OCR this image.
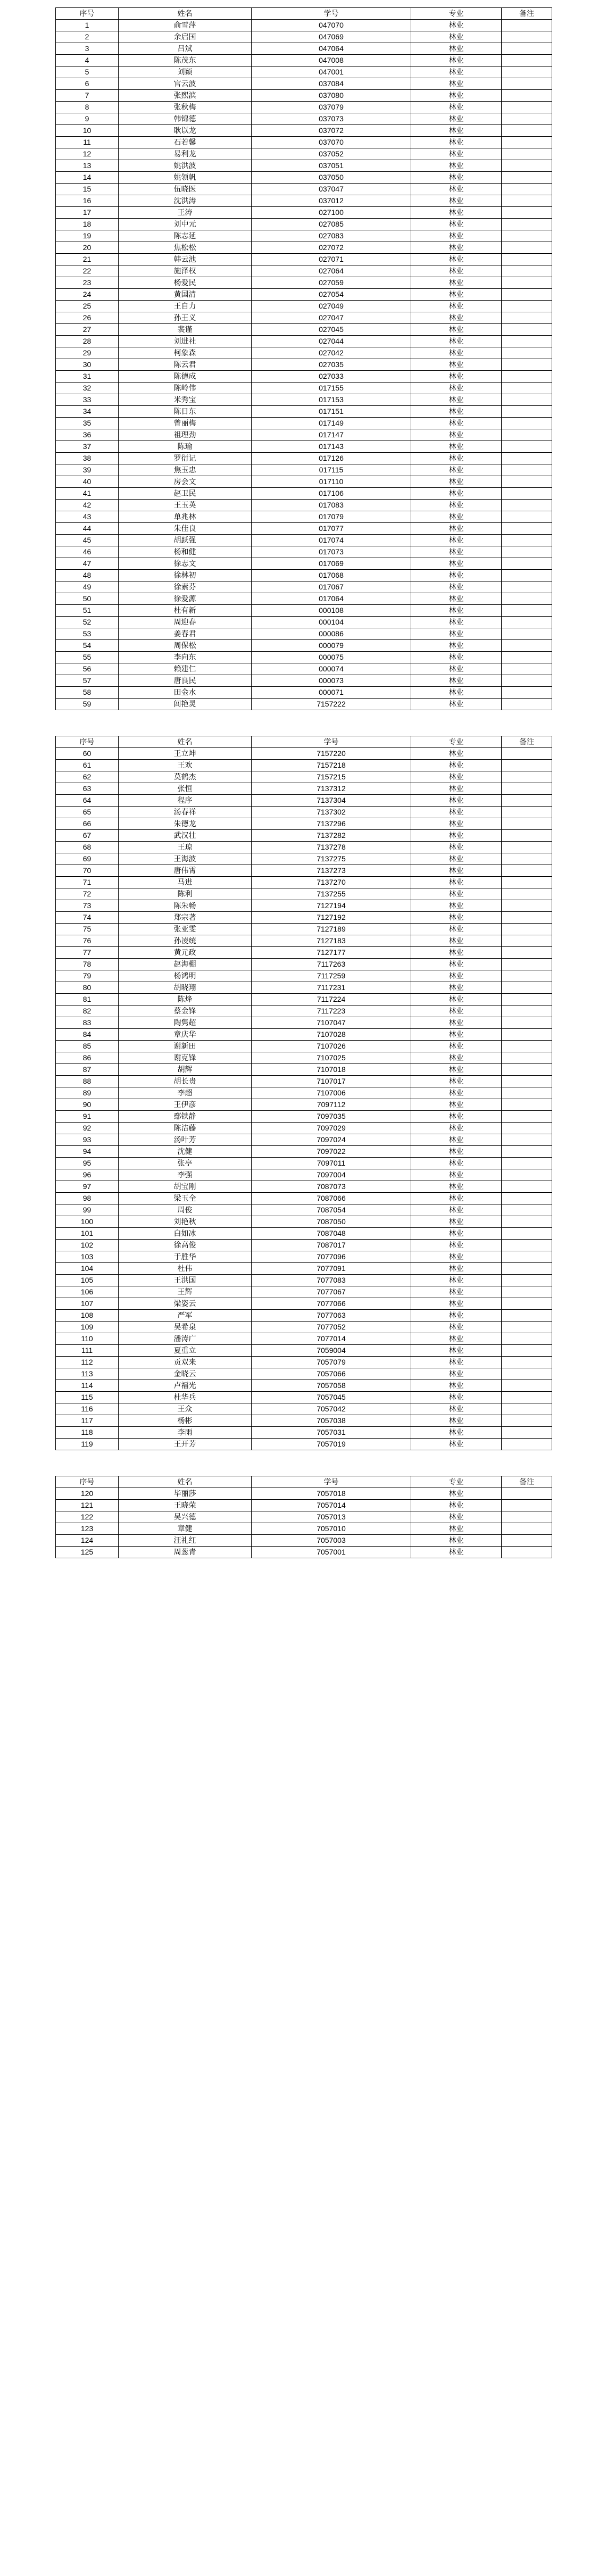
序号	姓名	学号	专业	备注
1	俞雪萍	047070	林业	
2	余启国	047069	林业	
3	吕斌	047064	林业	
4	陈茂东	047008	林业	
5	刘颖	047001	林业	
6	官云波	037084	林业	
7	张熙滨	037080	林业	
8	张秋梅	037079	林业	
9	韩锦德	037073	林业	
10	耿以龙	037072	林业	
11	石若馨	037070	林业	
12	易利龙	037052	林业	
13	姚洪波	037051	林业	
14	姚领帆	037050	林业	
15	伍晓医	037047	林业	
16	沈洪涛	037012	林业	
17	王涛	027100	林业	
18	刘中元	027085	林业	
19	陈志延	027083	林业	
20	焦松松	027072	林业	
21	韩云池	027071	林业	
22	施泽权	027064	林业	
23	杨爱民	027059	林业	
24	黄国清	027054	林业	
25	王自力	027049	林业	
26	孙王义	027047	林业	
27	裴谨	027045	林业	
28	刘进社	027044	林业	
29	柯象森	027042	林业	
30	陈云君	027035	林业	
31	陈德成	027033	林业	
32	陈岭伟	017155	林业	
33	米秀宝	017153	林业	
34	陈日东	017151	林业	
35	曾丽梅	017149	林业	
36	祖理劲	017147	林业	
37	陈瑜	017143	林业	
38	罗衍记	017126	林业	
39	焦玉忠	017115	林业	
40	房会文	017110	林业	
41	赵卫民	017106	林业	
42	王玉英	017083	林业	
43	单兆林	017079	林业	
44	朱佳良	017077	林业	
45	胡跃强	017074	林业	
46	杨和健	017073	林业	
47	徐志文	017069	林业	
48	徐林初	017068	林业	
49	徐素芬	017067	林业	
50	徐爱源	017064	林业	
51	杜有新	000108	林业	
52	周迎春	000104	林业	
53	姜春君	000086	林业	
54	周保松	000079	林业	
55	李向东	000075	林业	
56	赖建仁	000074	林业	
57	唐良民	000073	林业	
58	田金水	000071	林业	
59	闾艳灵	7157222	林业	
序号	姓名	学号	专业	备注
60	王立坤	7157220	林业	
61	王欢	7157218	林业	
62	莫鹤杰	7157215	林业	
63	张恒	7137312	林业	
64	程序	7137304	林业	
65	汤春祥	7137302	林业	
66	朱德龙	7137296	林业	
67	武汉壮	7137282	林业	
68	王琼	7137278	林业	
69	王海波	7137275	林业	
70	唐伟霄	7137273	林业	
71	马进	7137270	林业	
72	陈利	7137255	林业	
73	陈朱畅	7127194	林业	
74	郑宗著	7127192	林业	
75	张亚雯	7127189	林业	
76	孙凌统	7127183	林业	
77	黄元政	7127177	林业	
78	赵海棚	7117263	林业	
79	杨鸿明	7117259	林业	
80	胡晓翔	7117231	林业	
81	陈烽	7117224	林业	
82	蔡金锋	7117223	林业	
83	陶隽超	7107047	林业	
84	章庆华	7107028	林业	
85	谢新田	7107026	林业	
86	谢克锋	7107025	林业	
87	胡辉	7107018	林业	
88	胡长贵	7107017	林业	
89	李超	7107006	林业	
90	王伊彦	7097112	林业	
91	鄢铁静	7097035	林业	
92	陈洁藤	7097029	林业	
93	汤叶芳	7097024	林业	
94	沈健	7097022	林业	
95	张亭	7097011	林业	
96	李强	7097004	林业	
97	胡宝刚	7087073	林业	
98	梁玉全	7087066	林业	
99	周俊	7087054	林业	
100	刘艳秋	7087050	林业	
101	白如冰	7087048	林业	
102	徐高俊	7087017	林业	
103	于胜华	7077096	林业	
104	杜伟	7077091	林业	
105	王洪国	7077083	林业	
106	王辉	7077067	林业	
107	梁姿云	7077066	林业	
108	严军	7077063	林业	
109	吴希泉	7077052	林业	
110	潘涛广	7077014	林业	
111	夏重立	7059004	林业	
112	贡双来	7057079	林业	
113	金晓云	7057066	林业	
114	卢福光	7057058	林业	
115	杜华兵	7057045	林业	
116	王众	7057042	林业	
117	杨彬	7057038	林业	
118	李雨	7057031	林业	
119	王开芳	7057019	林业	
序号	姓名	学号	专业	备注
120	毕丽莎	7057018	林业	
121	王晓荣	7057014	林业	
122	吴兴德	7057013	林业	
123	章健	7057010	林业	
124	汪礼红	7057003	林业	
125	周葱青	7057001	林业	
